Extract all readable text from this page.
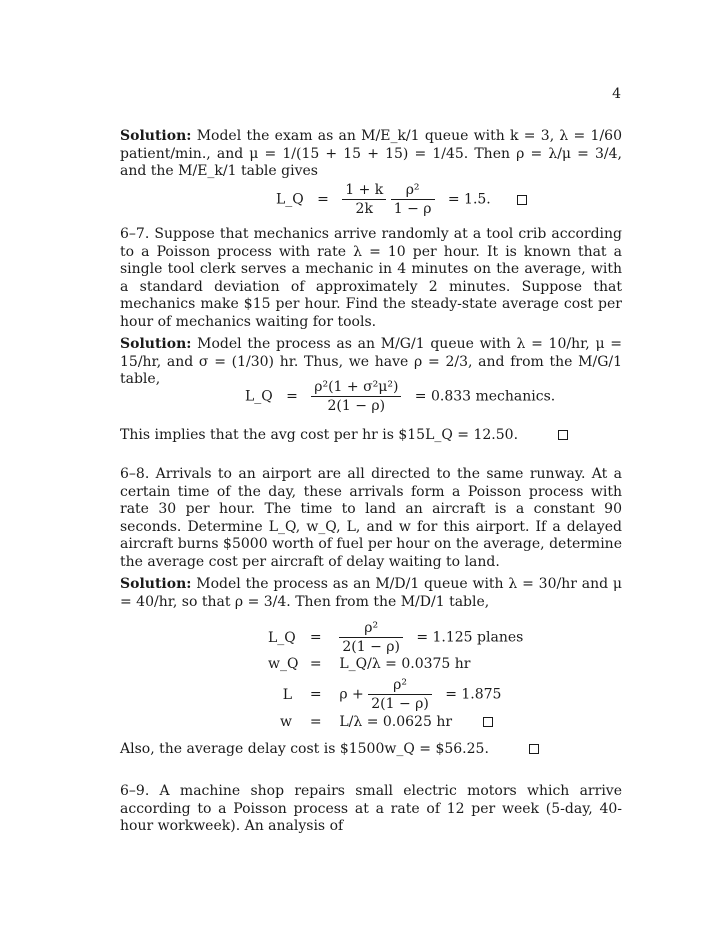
4
Solution: Model the exam as an M/E_k/1 queue with k = 3, λ = 1/60 patient/min., and μ = 1/(15 + 15 + 15) = 1/45. Then ρ = λ/μ = 3/4, and the M/E_k/1 table gives
L_Q = $\frac{1 + k}{2k}$
$\frac{\text{ρ²}}{1 - \rho} = 1.5$.
6–7. Suppose that mechanics arrive randomly at a tool crib according to a Poisson process with rate λ = 10 per hour. It is known that a single tool clerk serves a mechanic in 4 minutes on the average, with a standard deviation of approximately 2 minutes. Suppose that mechanics make $15 per hour. Find the steady-state average cost per hour of mechanics waiting for tools.
Solution: Model the process as an M/G/1 queue with λ = 10/hr, μ = 15/hr, and σ = (1/30) hr. Thus, we have ρ = 2/3, and from the M/G/1 table,
L_Q = $\frac{\text{ρ²(1 + σ²μ²)}}{2(1 - \rho)} = 0.833$ mechanics.
This implies that the avg cost per hr is $15L_Q = 12.50.
6–8. Arrivals to an airport are all directed to the same runway. At a certain time of the day, these arrivals form a Poisson process with rate 30 per hour. The time to land an aircraft is a constant 90 seconds. Determine L_Q, w_Q, L, and w for this airport. If a delayed aircraft burns $5000 worth of fuel per hour on the average, determine the average cost per aircraft of delay waiting to land.
Solution: Model the process as an M/D/1 queue with λ = 30/hr and μ = 40/hr, so that ρ = 3/4. Then from the M/D/1 table,
L_Q = $\frac{\text{ρ²}}{2(1 - \rho)} = 1.125$ planes
w_Q = L_Q/λ = 0.0375 hr
$L = \rho + \frac{\text{ρ²}}{2(1 - \rho)} = 1.875$
w = L/λ = 0.0625 hr
Also, the average delay cost is $1500w_Q = $56.25.
6–9. A machine shop repairs small electric motors which arrive according to a Poisson process at a rate of 12 per week (5-day, 40-hour workweek). An analysis of
